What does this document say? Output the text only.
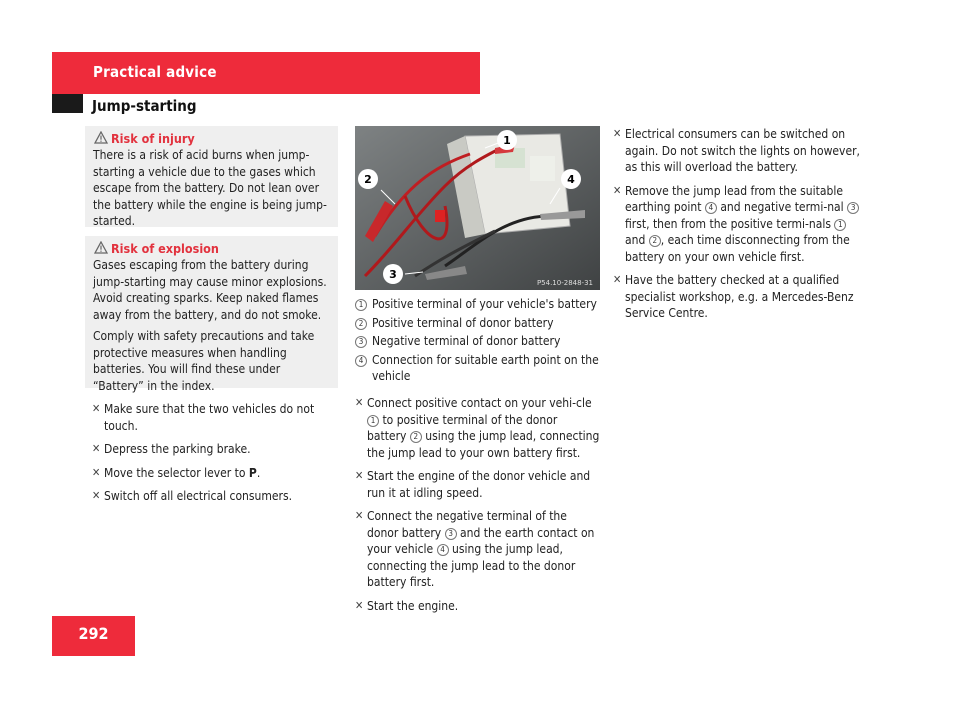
Practical advice
Jump-starting
Risk of injury

There is a risk of acid burns when jump-starting a vehicle due to the gases which escape from the battery. Do not lean over the battery while the engine is being jump-started.

Risk of explosion

Gases escaping from the battery during jump-starting may cause minor explosions. Avoid creating sparks. Keep naked flames away from the battery, and do not smoke.

Comply with safety precautions and take protective measures when handling batteries. You will find these under “Battery” in the index.

✕ Make sure that the two vehicles do not touch.
✕ Depress the parking brake.
✕ Move the selector lever to P.
✕ Switch off all electrical consumers.
1
2	4
3
P54.10-2848-31
1 Positive terminal of your vehicle's battery
2 Positive terminal of donor battery
3 Negative terminal of donor battery
4 Connection for suitable earth point on the vehicle
✕ Connect positive contact on your vehi-cle 1 to positive terminal of the donor battery 2 using the jump lead, connecting the jump lead to your own battery first.
✕ Start the engine of the donor vehicle and run it at idling speed.
✕ Connect the negative terminal of the donor battery 3 and the earth contact on your vehicle 4 using the jump lead, connecting the jump lead to the donor battery first.
✕ Start the engine.
✕ Electrical consumers can be switched on again. Do not switch the lights on however, as this will overload the battery.
✕ Remove the jump lead from the suitable earthing point 4 and negative termi-nal 3 first, then from the positive termi-nals 1 and 2 , each time disconnecting from the battery on your own vehicle first.
✕ Have the battery checked at a qualified specialist workshop, e.g. a Mercedes-Benz Service Centre.
292
